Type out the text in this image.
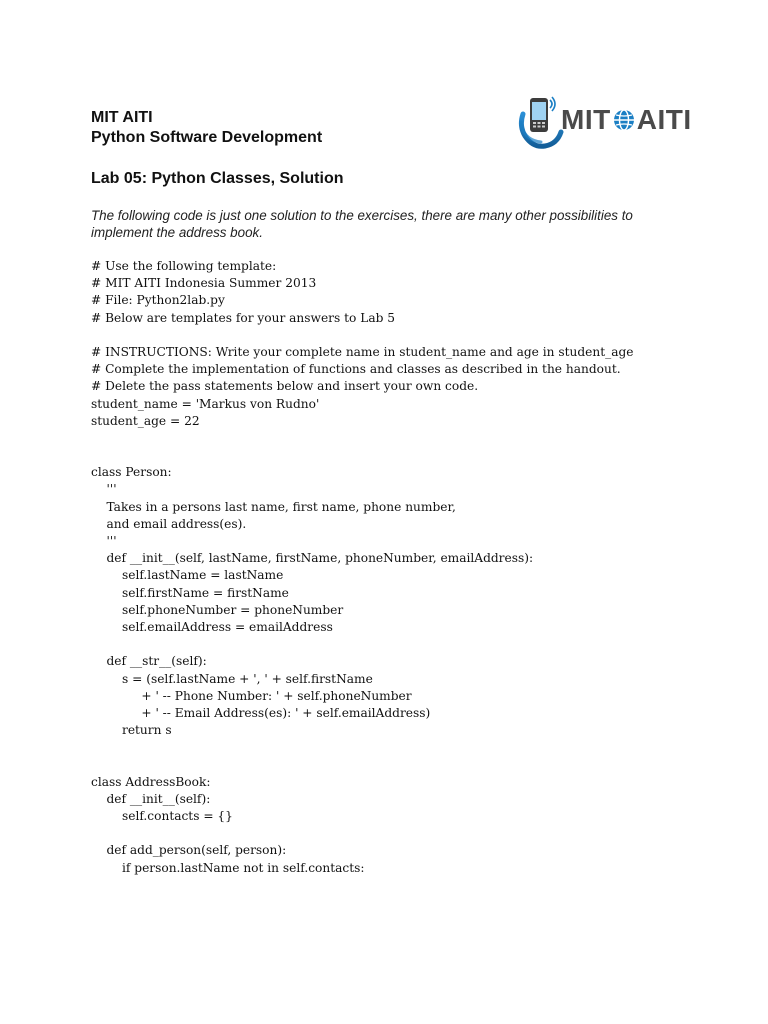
MIT AITI
Python Software Development
MIT AITI
Lab 05: Python Classes, Solution

The following code is just one solution to the exercises, there are many other possibilities to implement the address book.

# Use the following template:
# MIT AITI Indonesia Summer 2013
# File: Python2lab.py
# Below are templates for your answers to Lab 5
# INSTRUCTIONS: Write your complete name in student_name and age in student_age
# Complete the implementation of functions and classes as described in the handout.
# Delete the pass statements below and insert your own code.
student_name = 'Markus von Rudno'
student_age = 22
class Person:
'''
Takes in a persons last name, first name, phone number,
and email address(es).
'''
def __init__(self, lastName, firstName, phoneNumber, emailAddress):
self.lastName = lastName
self.firstName = firstName
self.phoneNumber = phoneNumber
self.emailAddress = emailAddress
def __str__(self):
s = (self.lastName + ', ' + self.firstName
+ ' -- Phone Number: ' + self.phoneNumber
+ ' -- Email Address(es): ' + self.emailAddress)
return s
class AddressBook:
def __init__(self):
self.contacts = {}
def add_person(self, person):
if person.lastName not in self.contacts:
